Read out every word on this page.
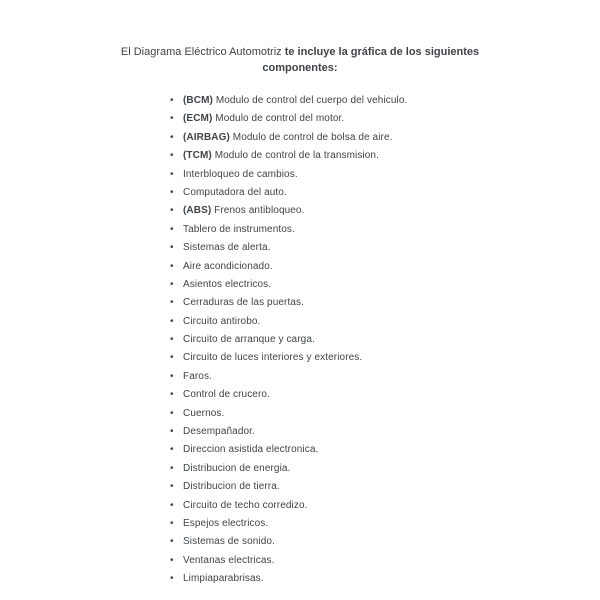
El Diagrama Eléctrico Automotriz te incluye la gráfica de los siguientes
componentes:
• (BCM) Modulo de control del cuerpo del vehiculo.
• (ECM) Modulo de control del motor.
• (AIRBAG) Modulo de control de bolsa de aire.
• (TCM) Modulo de control de la transmision.
• Interbloqueo de cambios.
• Computadora del auto.
• (ABS) Frenos antibloqueo.
• Tablero de instrumentos.
• Sistemas de alerta.
• Aire acondicionado.
• Asientos electricos.
• Cerraduras de las puertas.
• Circuito antirobo.
• Circuito de arranque y carga.
• Circuito de luces interiores y exteriores.
• Faros.
• Control de crucero.
• Cuernos.
• Desempañador.
• Direccion asistida electronica.
• Distribucion de energia.
• Distribucion de tierra.
• Circuito de techo corredizo.
• Espejos electricos.
• Sistemas de sonido.
• Ventanas electricas.
• Limpiaparabrisas.
